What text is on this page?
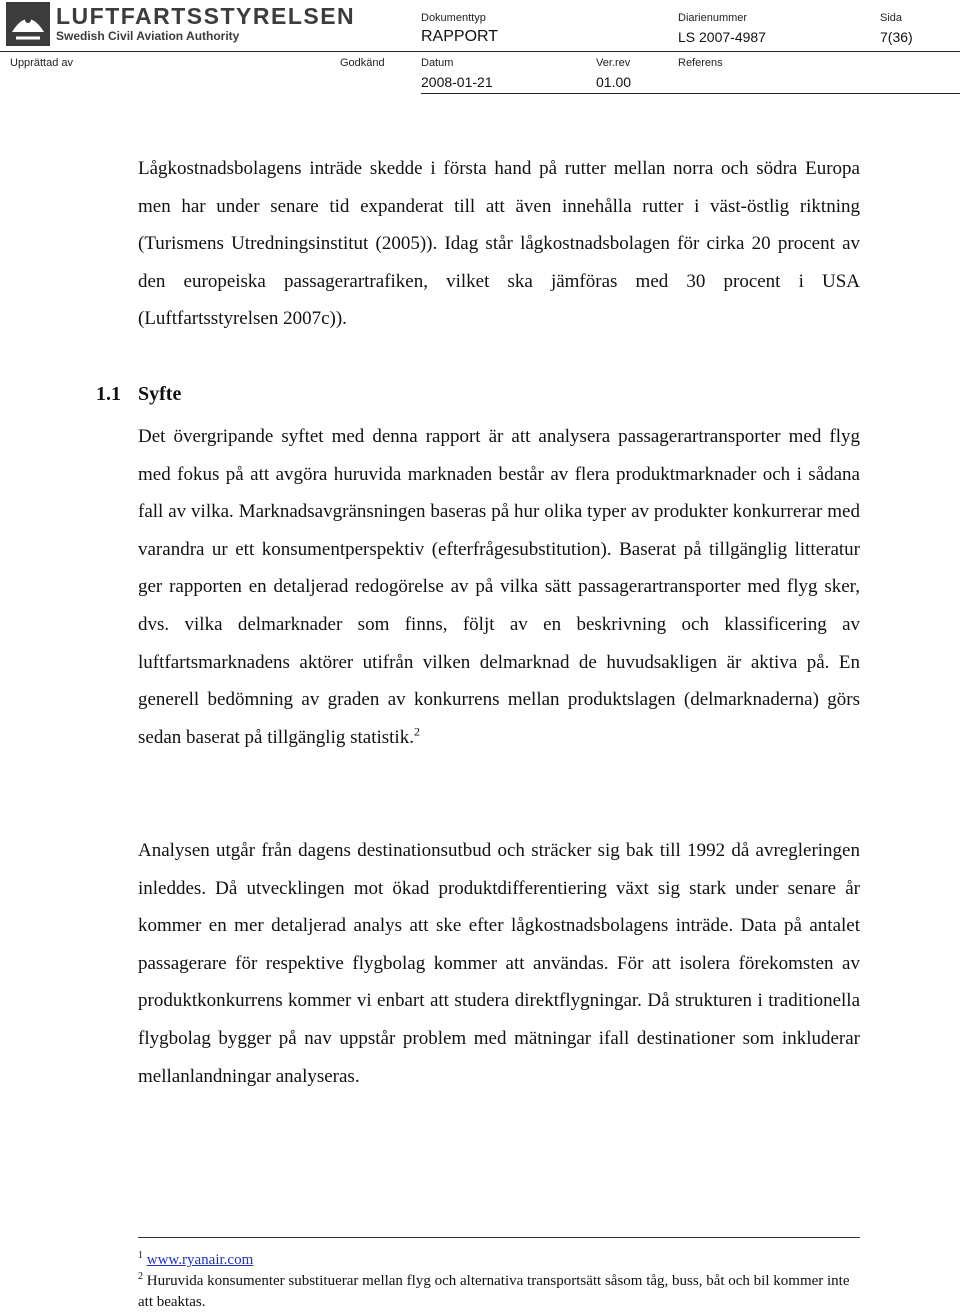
LUFTFARTSSTYRELSEN
Swedish Civil Aviation Authority
Dokumenttyp
RAPPORT
Diarienummer
LS 2007-4987
Sida
7(36)
Upprättad av	Godkänd	Datum
2008-01-21
Ver.rev
01.00
Referens
Lågkostnadsbolagens inträde skedde i första hand på rutter mellan norra och södra Europa men har under senare tid expanderat till att även innehålla rutter i väst-östlig riktning (Turismens Utredningsinstitut (2005)). Idag står lågkostnadsbolagen för cirka 20 procent av den europeiska passagerartrafiken, vilket ska jämföras med 30 procent i USA (Luftfartsstyrelsen 2007c)).
1.1 Syfte
Det övergripande syftet med denna rapport är att analysera passagerartransporter med flyg med fokus på att avgöra huruvida marknaden består av flera produktmarknader och i sådana fall av vilka. Marknadsavgränsningen baseras på hur olika typer av produkter konkurrerar med varandra ur ett konsumentperspektiv (efterfrågesubstitution). Baserat på tillgänglig litteratur ger rapporten en detaljerad redogörelse av på vilka sätt passagerartransporter med flyg sker, dvs. vilka delmarknader som finns, följt av en beskrivning och klassificering av luftfartsmarknadens aktörer utifrån vilken delmarknad de huvudsakligen är aktiva på. En generell bedömning av graden av konkurrens mellan produktslagen (delmarknaderna) görs sedan baserat på tillgänglig statistik.$^2$
Analysen utgår från dagens destinationsutbud och sträcker sig bak till 1992 då avregleringen inleddes. Då utvecklingen mot ökad produktdifferentiering växt sig stark under senare år kommer en mer detaljerad analys att ske efter lågkostnadsbolagens inträde. Data på antalet passagerare för respektive flygbolag kommer att användas. För att isolera förekomsten av produktkonkurrens kommer vi enbart att studera direktflygningar. Då strukturen i traditionella flygbolag bygger på nav uppstår problem med mätningar ifall destinationer som inkluderar mellanlandningar analyseras.
$^1$ www.ryanair.com
$^2$ Huruvida konsumenter substituerar mellan flyg och alternativa transportsätt såsom tåg, buss, båt och bil kommer inte att beaktas.
